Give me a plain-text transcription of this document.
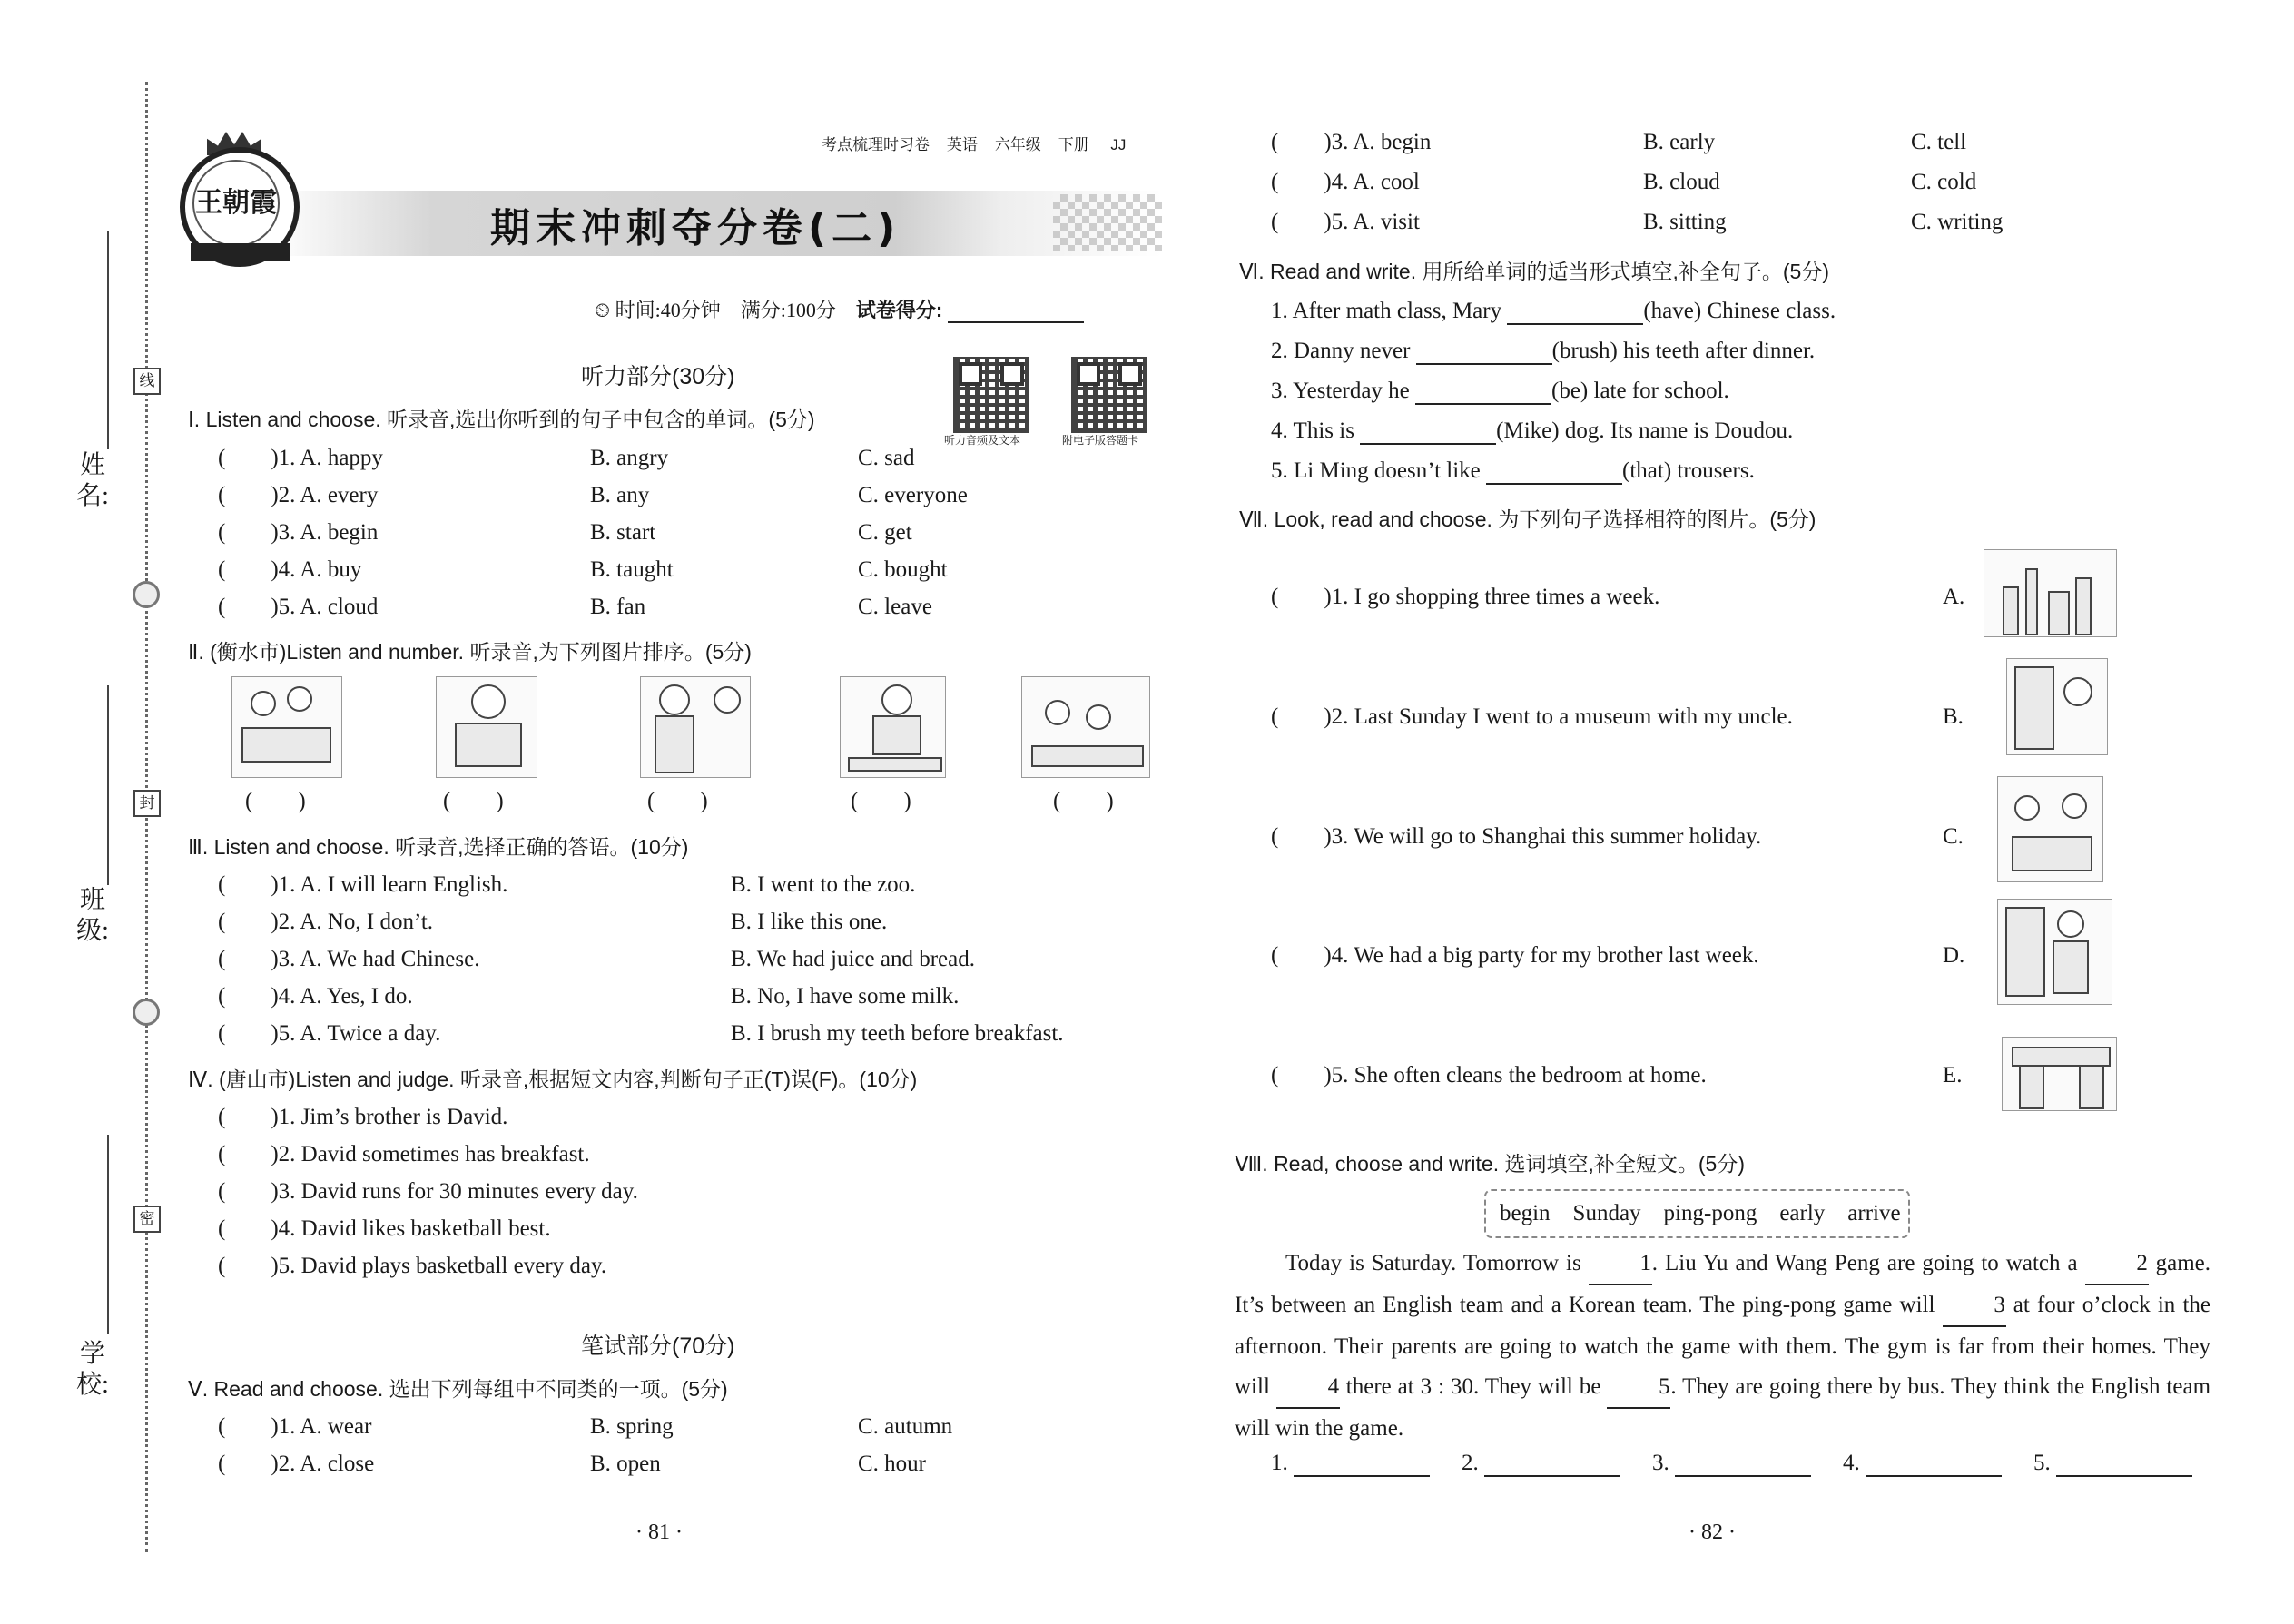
姓名:
线
班级:
封
学校:
密
考点梳理时习卷 英语 六年级 下册 JJ
王朝霞
期末冲刺夺分卷(二)
⏲ 时间:40分钟 满分:100分 试卷得分:
听力部分(30分)
听力音频及文本	附电子版答题卡
Ⅰ. Listen and choose. 听录音,选出你听到的句子中包含的单词。(5分)
(　　)1. A. happy	B. angry	C. sad
(　　)2. A. every	B. any	C. everyone
(　　)3. A. begin	B. start	C. get
(　　)4. A. buy	B. taught	C. bought
(　　)5. A. cloud	B. fan	C. leave
Ⅱ. (衡水市)Listen and number. 听录音,为下列图片排序。(5分)
(　　)	(　　)	(　　)	(　　)	(　　)
Ⅲ. Listen and choose. 听录音,选择正确的答语。(10分)
(　　)1. A. I will learn English.	B. I went to the zoo.
(　　)2. A. No, I don’t.	B. I like this one.
(　　)3. A. We had Chinese.	B. We had juice and bread.
(　　)4. A. Yes, I do.	B. No, I have some milk.
(　　)5. A. Twice a day.	B. I brush my teeth before breakfast.
Ⅳ. (唐山市)Listen and judge. 听录音,根据短文内容,判断句子正(T)误(F)。(10分)
(　　)1. Jim’s brother is David.
(　　)2. David sometimes has breakfast.
(　　)3. David runs for 30 minutes every day.
(　　)4. David likes basketball best.
(　　)5. David plays basketball every day.
笔试部分(70分)
Ⅴ. Read and choose. 选出下列每组中不同类的一项。(5分)
(　　)1. A. wear	B. spring	C. autumn
(　　)2. A. close	B. open	C. hour
· 81 ·
(　　)3. A. begin	B. early	C. tell
(　　)4. A. cool	B. cloud	C. cold
(　　)5. A. visit	B. sitting	C. writing
Ⅵ. Read and write. 用所给单词的适当形式填空,补全句子。(5分)
1. After math class, Mary	(have) Chinese class.
2. Danny never	(brush) his teeth after dinner.
3. Yesterday he	(be) late for school.
4. This is	(Mike) dog. Its name is Doudou.
5. Li Ming doesn’t like	(that) trousers.
Ⅶ. Look, read and choose. 为下列句子选择相符的图片。(5分)
(　　)1. I go shopping three times a week.	A.
(　　)2. Last Sunday I went to a museum with my uncle.	B.
(　　)3. We will go to Shanghai this summer holiday.	C.
(　　)4. We had a big party for my brother last week.	D.
(　　)5. She often cleans the bedroom at home.	E.
Ⅷ. Read, choose and write. 选词填空,补全短文。(5分)
begin　Sunday　ping-pong　early　arrive
Today is Saturday. Tomorrow is	1. Liu Yu and Wang Peng are going to watch a	2 game. It’s between an English team and a Korean team. The ping-pong game will	3 at four o’clock in the afternoon. Their parents are going to watch the game with them. The gym is far from their homes. They will	4 there at 3 : 30. They will be	5. They are going there by bus. They think the English team will win the game.
1.	2.	3.	4.	5.
· 82 ·
